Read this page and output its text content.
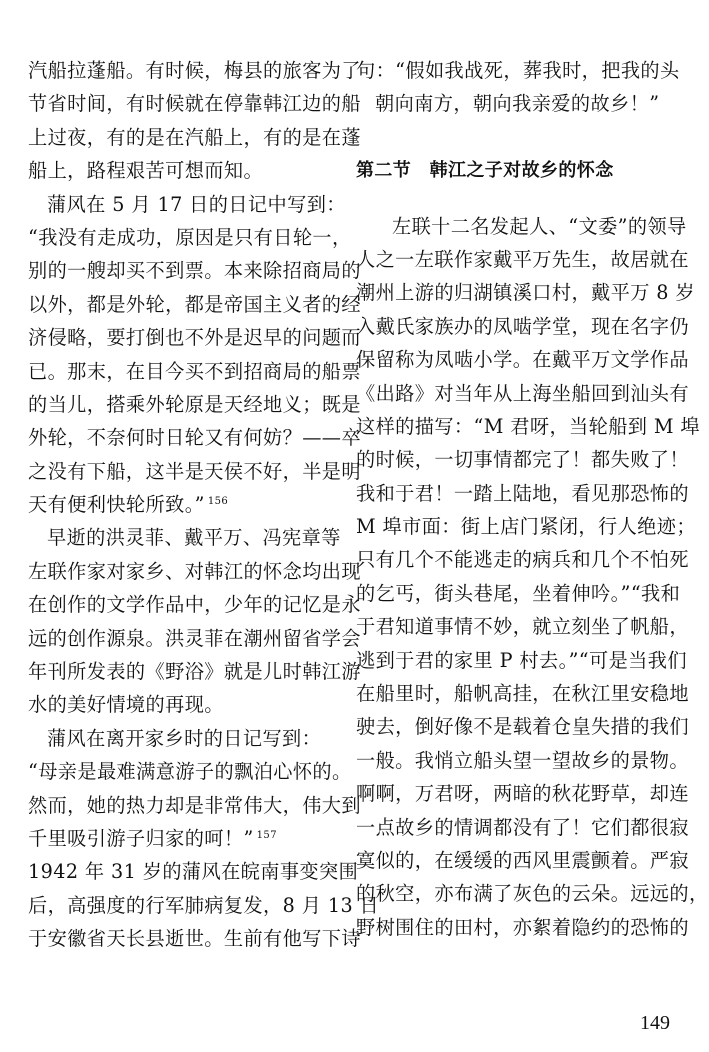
汽船拉蓬船。有时候，梅县的旅客为了
节省时间，有时候就在停靠韩江边的船
上过夜，有的是在汽船上，有的是在蓬
船上，路程艰苦可想而知。
蒲风在 5 月 17 日的日记中写到：
“我没有走成功，原因是只有日轮一，
别的一艘却买不到票。本来除招商局的
以外，都是外轮，都是帝国主义者的经
济侵略，要打倒也不外是迟早的问题而
已。那末，在目今买不到招商局的船票
的当儿，搭乘外轮原是天经地义；既是
外轮，不奈何时日轮又有何妨？——卒
之没有下船，这半是天侯不好，半是明
天有便利快轮所致。” $^{156}$
早逝的洪灵菲、戴平万、冯宪章等
左联作家对家乡、对韩江的怀念均出现
在创作的文学作品中，少年的记忆是永
远的创作源泉。洪灵菲在潮州留省学会
年刊所发表的《野浴》就是儿时韩江游
水的美好情境的再现。
蒲风在离开家乡时的日记写到：
“母亲是最难满意游子的飘泊心怀的。
然而，她的热力却是非常伟大，伟大到
千里吸引游子归家的呵！” $^{157}$
1942 年 31 岁的蒲风在皖南事变突围
后，高强度的行军肺病复发，8 月 13 日
于安徽省天长县逝世。生前有他写下诗
句：“假如我战死，葬我时，把我的头
朝向南方，朝向我亲爱的故乡！”
第二节　韩江之子对故乡的怀念
左联十二名发起人、“文委”的领导
人之一左联作家戴平万先生，故居就在
潮州上游的归湖镇溪口村，戴平万 8 岁
入戴氏家族办的凤啮学堂，现在名字仍
保留称为凤啮小学。在戴平万文学作品
《出路》对当年从上海坐船回到汕头有
这样的描写：“M 君呀，当轮船到 M 埠
的时候，一切事情都完了！都失败了！
我和于君！一踏上陆地，看见那恐怖的
M 埠市面：街上店门紧闭，行人绝迹；
只有几个不能逃走的病兵和几个不怕死
的乞丐，街头巷尾，坐着伸吟。”“我和
于君知道事情不妙，就立刻坐了帆船，
逃到于君的家里 P 村去。”“可是当我们
在船里时，船帆高挂，在秋江里安稳地
驶去，倒好像不是载着仓皇失措的我们
一般。我悄立船头望一望故乡的景物。
啊啊，万君呀，两暗的秋花野草，却连
一点故乡的情调都没有了！它们都很寂
寞似的，在缓缓的西风里震颤着。严寂
的秋空，亦布满了灰色的云朵。远远的，
野树围住的田村，亦絮着隐约的恐怖的
149
